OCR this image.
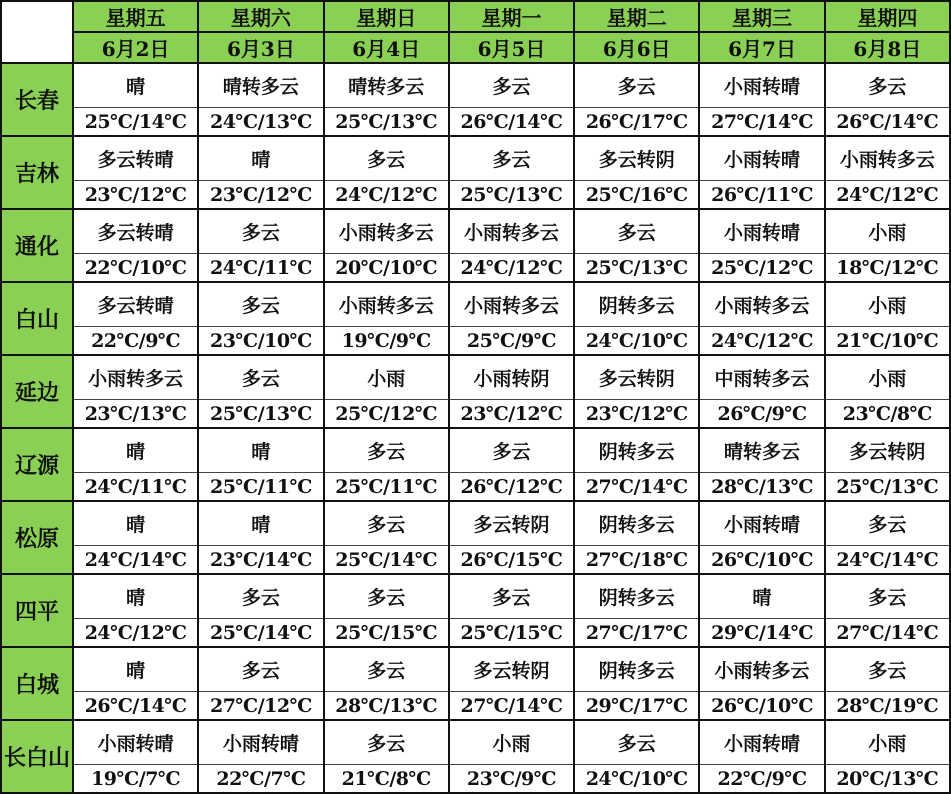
	星期五	星期六	星期日	星期一	星期二	星期三	星期四
	6月2日	6月3日	6月4日	6月5日	6月6日	6月7日	6月8日
长春	晴	晴转多云	晴转多云	多云	多云	小雨转晴	多云
	25℃/14℃	24℃/13℃	25℃/13℃	26℃/14℃	26℃/17℃	27℃/14℃	26℃/14℃
吉林	多云转晴	晴	多云	多云	多云转阴	小雨转晴	小雨转多云
	23℃/12℃	23℃/12℃	24℃/12℃	25℃/13℃	25℃/16℃	26℃/11℃	24℃/12℃
通化	多云转晴	多云	小雨转多云	小雨转多云	多云	小雨转晴	小雨
	22℃/10℃	24℃/11℃	20℃/10℃	24℃/12℃	25℃/13℃	25℃/12℃	18℃/12℃
白山	多云转晴	多云	小雨转多云	小雨转多云	阴转多云	小雨转多云	小雨
	22℃/9℃	23℃/10℃	19℃/9℃	25℃/9℃	24℃/10℃	24℃/12℃	21℃/10℃
延边	小雨转多云	多云	小雨	小雨转阴	多云转阴	中雨转多云	小雨
	23℃/13℃	25℃/13℃	25℃/12℃	23℃/12℃	23℃/12℃	26℃/9℃	23℃/8℃
辽源	晴	晴	多云	多云	阴转多云	晴转多云	多云转阴
	24℃/11℃	25℃/11℃	25℃/11℃	26℃/12℃	27℃/14℃	28℃/13℃	25℃/13℃
松原	晴	晴	多云	多云转阴	阴转多云	小雨转晴	多云
	24℃/14℃	23℃/14℃	25℃/14℃	26℃/15℃	27℃/18℃	26℃/10℃	24℃/14℃
四平	晴	多云	多云	多云	阴转多云	晴	多云
	24℃/12℃	25℃/14℃	25℃/15℃	25℃/15℃	27℃/17℃	29℃/14℃	27℃/14℃
白城	晴	多云	多云	多云转阴	阴转多云	小雨转多云	多云
	26℃/14℃	27℃/12℃	28℃/13℃	27℃/14℃	29℃/17℃	26℃/10℃	28℃/19℃
长白山	小雨转晴	小雨转晴	多云	小雨	多云	小雨转晴	小雨
	19℃/7℃	22℃/7℃	21℃/8℃	23℃/9℃	24℃/10℃	22℃/9℃	20℃/13℃
